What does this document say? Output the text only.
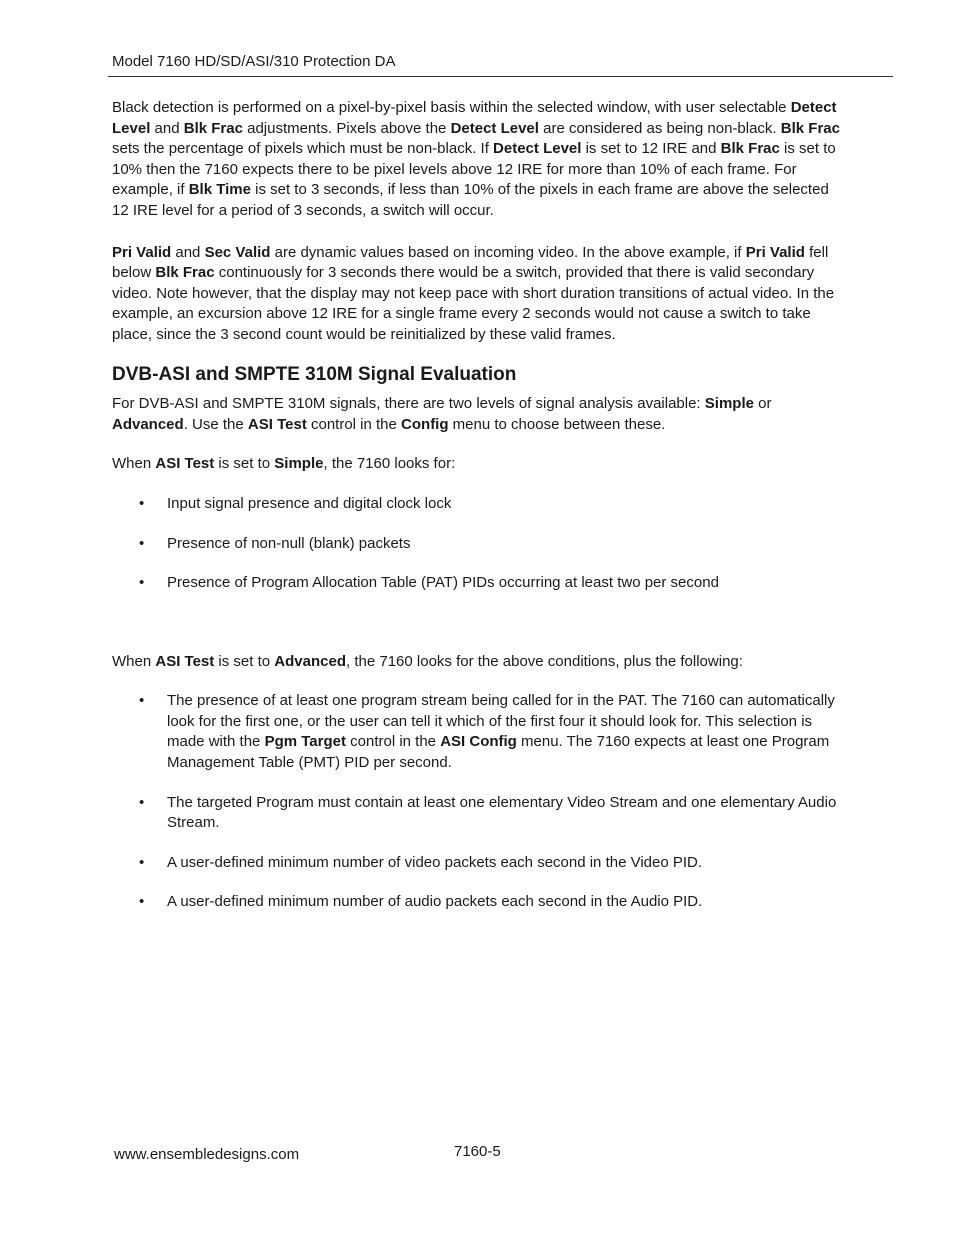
Model 7160 HD/SD/ASI/310 Protection DA

Black detection is performed on a pixel-by-pixel basis within the selected window, with user selectable Detect Level and Blk Frac adjustments. Pixels above the Detect Level are considered as being non-black. Blk Frac sets the percentage of pixels which must be non-black. If Detect Level is set to 12 IRE and Blk Frac is set to 10% then the 7160 expects there to be pixel levels above 12 IRE for more than 10% of each frame. For example, if Blk Time is set to 3 seconds, if less than 10% of the pixels in each frame are above the selected 12 IRE level for a period of 3 seconds, a switch will occur.

Pri Valid and Sec Valid are dynamic values based on incoming video. In the above example, if Pri Valid fell below Blk Frac continuously for 3 seconds there would be a switch, provided that there is valid secondary video. Note however, that the display may not keep pace with short duration transitions of actual video. In the example, an excursion above 12 IRE for a single frame every 2 seconds would not cause a switch to take place, since the 3 second count would be reinitialized by these valid frames.

DVB-ASI and SMPTE 310M Signal Evaluation

For DVB-ASI and SMPTE 310M signals, there are two levels of signal analysis available: Simple or Advanced. Use the ASI Test control in the Config menu to choose between these.

When ASI Test is set to Simple, the 7160 looks for:

• Input signal presence and digital clock lock
• Presence of non-null (blank) packets
• Presence of Program Allocation Table (PAT) PIDs occurring at least two per second

When ASI Test is set to Advanced, the 7160 looks for the above conditions, plus the following:

• The presence of at least one program stream being called for in the PAT. The 7160 can automatically look for the first one, or the user can tell it which of the first four it should look for. This selection is made with the Pgm Target control in the ASI Config menu. The 7160 expects at least one Program Management Table (PMT) PID per second.
• The targeted Program must contain at least one elementary Video Stream and one elementary Audio Stream.
• A user-defined minimum number of video packets each second in the Video PID.
• A user-defined minimum number of audio packets each second in the Audio PID.
www.ensembledesigns.com	7160-5
